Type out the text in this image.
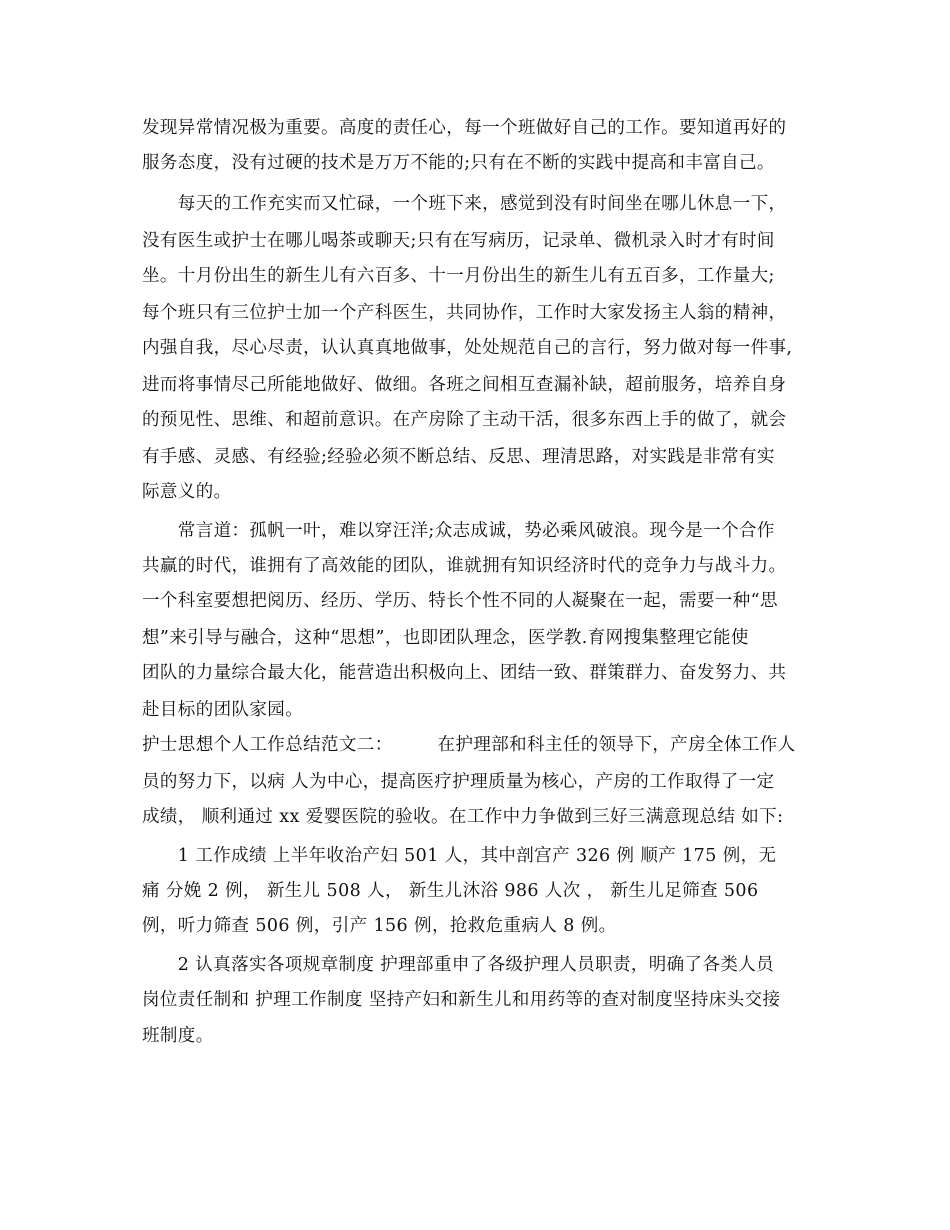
发现异常情况极为重要。高度的责任心，每一个班做好自己的工作。要知道再好的
服务态度，没有过硬的技术是万万不能的;只有在不断的实践中提高和丰富自己。
　　每天的工作充实而又忙碌，一个班下来，感觉到没有时间坐在哪儿休息一下，
没有医生或护士在哪儿喝茶或聊天;只有在写病历，记录单、微机录入时才有时间
坐。十月份出生的新生儿有六百多、十一月份出生的新生儿有五百多，工作量大;
每个班只有三位护士加一个产科医生，共同协作，工作时大家发扬主人翁的精神，
内强自我，尽心尽责，认认真真地做事，处处规范自己的言行，努力做对每一件事,
进而将事情尽己所能地做好、做细。各班之间相互查漏补缺，超前服务，培养自身
的预见性、思维、和超前意识。在产房除了主动干活，很多东西上手的做了，就会
有手感、灵感、有经验;经验必须不断总结、反思、理清思路，对实践是非常有实
际意义的。
　　常言道：孤帆一叶，难以穿汪洋;众志成诚，势必乘风破浪。现今是一个合作
共赢的时代，谁拥有了高效能的团队，谁就拥有知识经济时代的竞争力与战斗力。
一个科室要想把阅历、经历、学历、特长个性不同的人凝聚在一起，需要一种“思
想”来引导与融合，这种“思想”，也即团队理念，医学教.育网搜集整理它能使
团队的力量综合最大化，能营造出积极向上、团结一致、群策群力、奋发努力、共
赴目标的团队家园。
护士思想个人工作总结范文二：　　　在护理部和科主任的领导下，产房全体工作人
员的努力下，以病 人为中心，提高医疗护理质量为核心，产房的工作取得了一定
成绩， 顺利通过 xx 爱婴医院的验收。在工作中力争做到三好三满意现总结 如下:
　　1 工作成绩 上半年收治产妇 501 人，其中剖宫产 326 例 顺产 175 例，无
痛 分娩 2 例， 新生儿 508 人， 新生儿沐浴 986 人次 ， 新生儿足筛查 506
例，听力筛查 506 例，引产 156 例，抢救危重病人 8 例。
　　2 认真落实各项规章制度 护理部重申了各级护理人员职责，明确了各类人员
岗位责任制和 护理工作制度 坚持产妇和新生儿和用药等的查对制度坚持床头交接
班制度。
